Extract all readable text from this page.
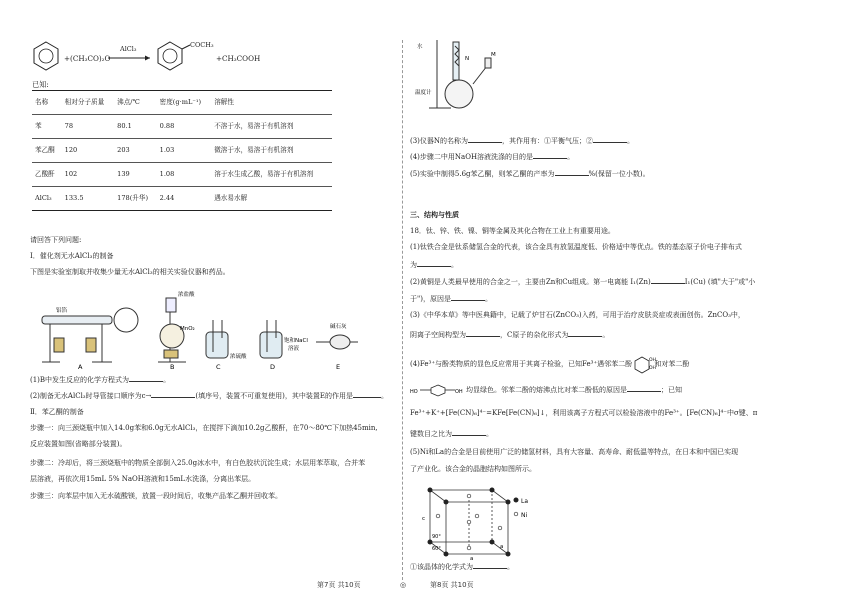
+(CH₃CO)₂O
AlCl₃	COCH₃
+CH₃COOH
已知:
名称	相对分子质量	沸点/℃	密度(g·mL⁻¹)	溶解性
苯	78	80.1	0.88	不溶于水，易溶于有机溶剂
苯乙酮	120	203	1.03	微溶于水，易溶于有机溶剂
乙酸酐	102	139	1.08	溶于水生成乙酸，易溶于有机溶剂
AlCl₃	133.5	178(升华)	2.44	遇水易水解
请回答下列问题:
Ⅰ．催化剂无水AlCl₃的制备
下图是实验室制取并收集少量无水AlCl₃的相关实验仪器和药品。
A	B	C	D	E
铝箔
浓盐酸
MnO₂
浓硫酸
饱和NaCl
溶液
碱石灰
(1)B中发生反应的化学方程式为	。
(2)制备无水AlCl₃时导管接口顺序为c→	(填序号，装置不可重复使用)，其中装置E的作用是	。
Ⅱ．苯乙酮的制备
步骤一：向三颈烧瓶中加入14.0g苯和6.0g无水AlCl₃，在搅拌下滴加10.2g乙酸酐，在70～80℃下加热45min,
反应装置如图(省略部分装置)。
步骤二：冷却后，将三颈烧瓶中的物质全部倒入25.0g冰水中，有白色胶状沉淀生成；水层用苯萃取，合并苯
层溶液，再依次用15mL 5% NaOH溶液和15mL水洗涤，分离出苯层。
步骤三：向苯层中加入无水硫酸镁，放置一段时间后，收集产品苯乙酮并回收苯。
水
N
M
温度计
(3)仪器N的名称为	，其作用有：①平衡气压；②	。
(4)步骤二中用NaOH溶液洗涤的目的是	。
(5)实验中制得5.6g苯乙酮，则苯乙酮的产率为	%(保留一位小数)。
三、结构与性质
18．钛、锌、铁、镍、铜等金属及其化合物在工业上有重要用途。
(1)钛铁合金是钛系储氢合金的代表，该合金具有放氢温度低、价格适中等优点。铁的基态原子价电子排布式
为	。
(2)黄铜是人类最早使用的合金之一，主要由Zn和Cu组成。第一电离能 I₁(Zn)	I₁(Cu) (填"大于"或"小
于")，原因是	。
(3)《中华本草》等中医典籍中，记载了炉甘石(ZnCO₃)入药，可用于治疗皮肤炎症或表面创伤。ZnCO₃中，
阴离子空间构型为	，C原子的杂化形式为	。
(4)Fe³⁺与酚类物质的显色反应常用于其离子检验，已知Fe³⁺遇邻苯二酚	OH
OH
和对苯二酚
HO	OH 均显绿色。邻苯二酚的熔沸点比对苯二酚低的原因是	；已知
Fe³⁺+K⁺+[Fe(CN)₆]⁴⁻=KFe[Fe(CN)₆]↓，利用该离子方程式可以检验溶液中的Fe³⁺。[Fe(CN)₆]⁴⁻中σ键、π
键数目之比为	。
(5)Ni和La的合金是目前使用广泛的储氢材料，具有大容量、高寿命、耐低温等特点，在日本和中国已实现
了产业化。该合金的晶胞结构如图所示。
La
Ni
c
90°
60°
a
a
①该晶体的化学式为	。
第7页 共10页	◎	第8页 共10页
